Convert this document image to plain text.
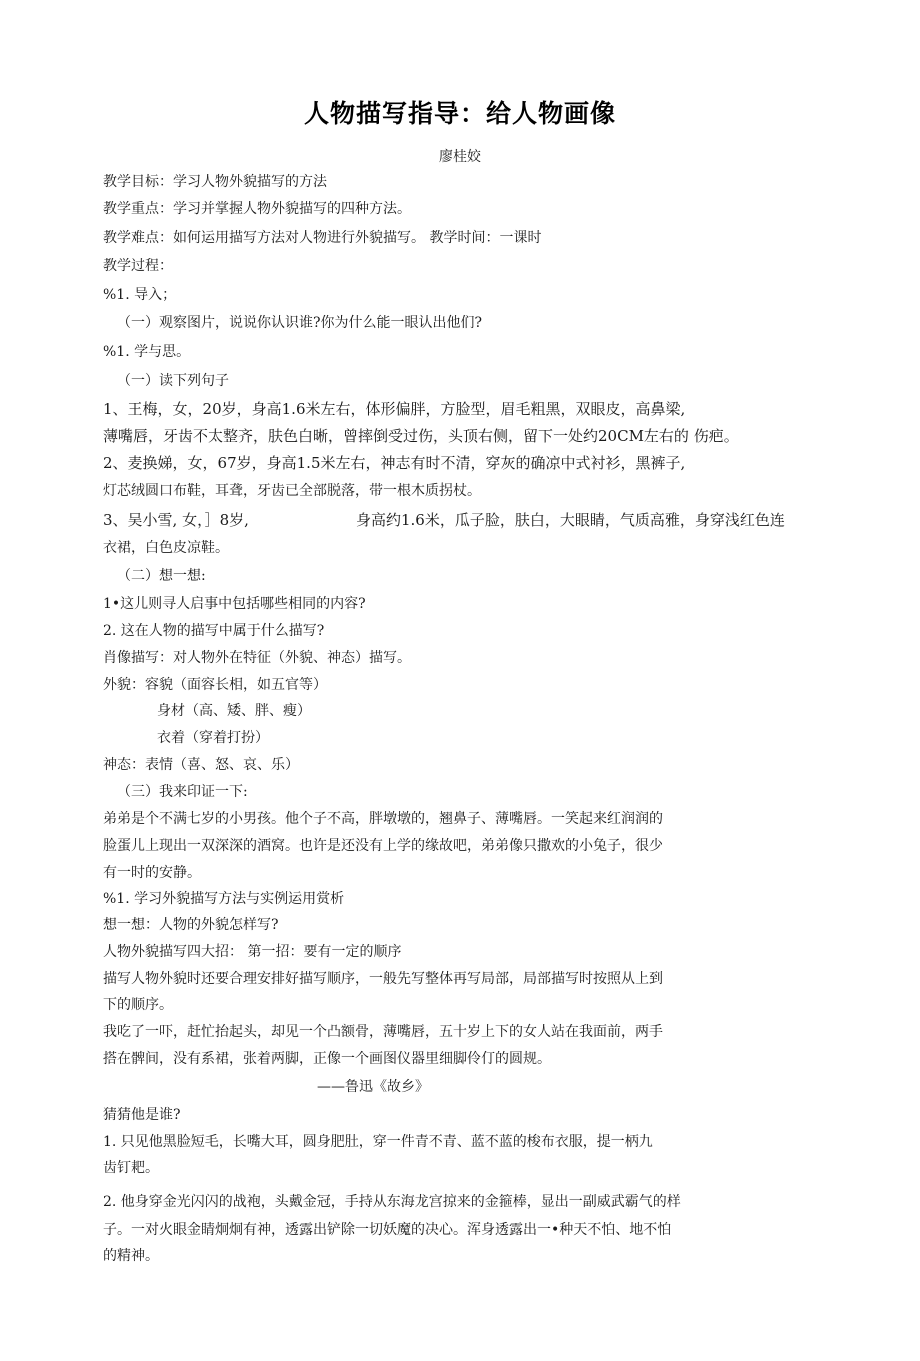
人物描写指导：给人物画像
廖桂姣
教学目标：学习人物外貌描写的方法
教学重点：学习并掌握人物外貌描写的四种方法。
教学难点：如何运用描写方法对人物进行外貌描写。 教学时间：一课时
教学过程：
%1. 导入；
（一）观察图片，说说你认识谁?你为什么能一眼认出他们?
%1. 学与思。
（一）读下列句子
1、王梅，女，20岁，身高1.6米左右，体形偏胖，方脸型，眉毛粗黑，双眼皮，高鼻梁,
薄嘴唇，牙齿不太整齐，肤色白晰，曾摔倒受过伤，头顶右侧，留下一处约20CM左右的 伤疤。
2、麦换娣，女，67岁，身高1.5米左右，神志有时不清，穿灰的确凉中式衬衫，黑裤子,
灯芯绒圆口布鞋，耳聋，牙齿已全部脱落，带一根木质拐杖。
3、吴小雪, 女，］8岁,	身高约1.6米，瓜子脸，肤白，大眼睛，气质高雅，身穿浅红色连
衣裙，白色皮凉鞋。
（二）想一想:
1•这儿则寻人启事中包括哪些相同的内容?
2. 这在人物的描写中属于什么描写?
肖像描写：对人物外在特征（外貌、神态）描写。
外貌：容貌（面容长相，如五官等）
身材（高、矮、胖、瘦）
衣着（穿着打扮）
神态：表情（喜、怒、哀、乐）
（三）我来印证一下:
弟弟是个不满七岁的小男孩。他个子不高，胖墩墩的，翘鼻子、薄嘴唇。一笑起来红润润的
脸蛋儿上现出一双深深的酒窝。也许是还没有上学的缘故吧，弟弟像只撒欢的小兔子，很少
有一时的安静。
%1. 学习外貌描写方法与实例运用赏析
想一想：人物的外貌怎样写?
人物外貌描写四大招： 第一招：要有一定的顺序
描写人物外貌时还要合理安排好描写顺序，一般先写整体再写局部，局部描写时按照从上到
下的顺序。
我吃了一吓，赶忙抬起头，却见一个凸额骨，薄嘴唇，五十岁上下的女人站在我面前，两手
搭在髀间，没有系裙，张着两脚，正像一个画图仪器里细脚伶仃的圆规。
——鲁迅《故乡》
猜猜他是谁?
1. 只见他黑脸短毛，长嘴大耳，圆身肥肚，穿一件青不青、蓝不蓝的梭布衣服，提一柄九
齿钉耙。
2. 他身穿金光闪闪的战袍，头戴金冠，手持从东海龙宫掠来的金箍棒，显出一副威武霸气的样
子。一对火眼金睛炯炯有神，透露出铲除一切妖魔的决心。浑身透露出一•种天不怕、地不怕
的精神。
